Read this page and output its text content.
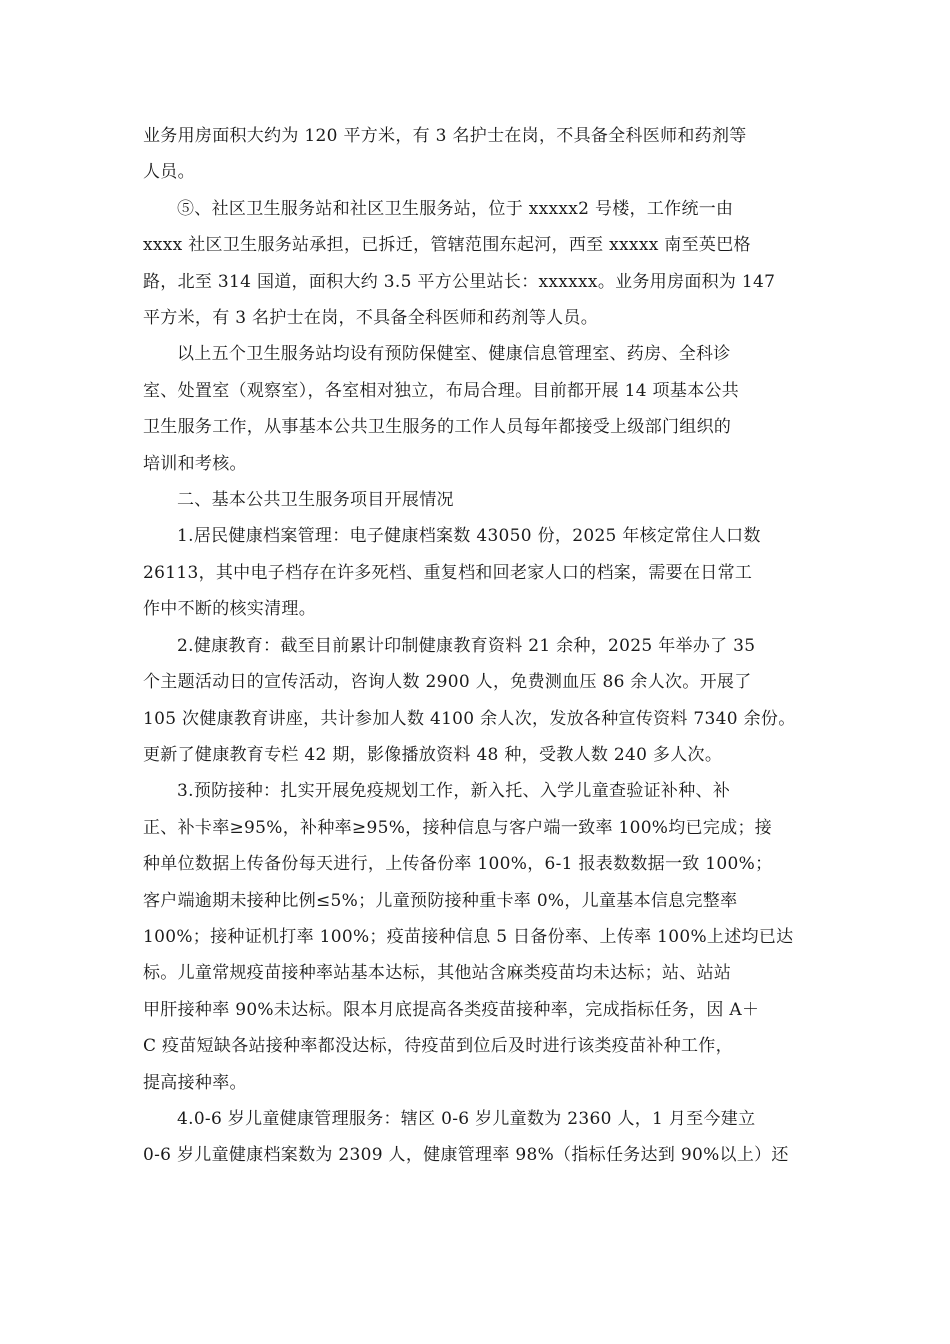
业务用房面积大约为 120 平方米，有 3 名护士在岗，不具备全科医师和药剂等
人员。

⑤、社区卫生服务站和社区卫生服务站，位于 xxxxx2 号楼，工作统一由
xxxx 社区卫生服务站承担，已拆迁，管辖范围东起河，西至 xxxxx 南至英巴格
路，北至 314 国道，面积大约 3.5 平方公里站长：xxxxxx。业务用房面积为 147
平方米，有 3 名护士在岗，不具备全科医师和药剂等人员。

以上五个卫生服务站均设有预防保健室、健康信息管理室、药房、全科诊
室、处置室（观察室），各室相对独立，布局合理。目前都开展 14 项基本公共
卫生服务工作，从事基本公共卫生服务的工作人员每年都接受上级部门组织的
培训和考核。

二、基本公共卫生服务项目开展情况

1.居民健康档案管理：电子健康档案数 43050 份，2025 年核定常住人口数
26113，其中电子档存在许多死档、重复档和回老家人口的档案，需要在日常工
作中不断的核实清理。

2.健康教育：截至目前累计印制健康教育资料 21 余种，2025 年举办了 35
个主题活动日的宣传活动，咨询人数 2900 人，免费测血压 86 余人次。开展了
105 次健康教育讲座，共计参加人数 4100 余人次，发放各种宣传资料 7340 余份。
更新了健康教育专栏 42 期，影像播放资料 48 种，受教人数 240 多人次。

3.预防接种：扎实开展免疫规划工作，新入托、入学儿童查验证补种、补
正、补卡率≥95%，补种率≥95%，接种信息与客户端一致率 100%均已完成；接
种单位数据上传备份每天进行，上传备份率 100%，6-1 报表数数据一致 100%；
客户端逾期未接种比例≤5%；儿童预防接种重卡率 0%，儿童基本信息完整率
100%；接种证机打率 100%；疫苗接种信息 5 日备份率、上传率 100%上述均已达
标。儿童常规疫苗接种率站基本达标，其他站含麻类疫苗均未达标；站、站站
甲肝接种率 90%未达标。限本月底提高各类疫苗接种率，完成指标任务，因 A＋
C 疫苗短缺各站接种率都没达标，待疫苗到位后及时进行该类疫苗补种工作，
提高接种率。

4.0-6 岁儿童健康管理服务：辖区 0-6 岁儿童数为 2360 人，1 月至今建立
0-6 岁儿童健康档案数为 2309 人，健康管理率 98%（指标任务达到 90%以上）还
